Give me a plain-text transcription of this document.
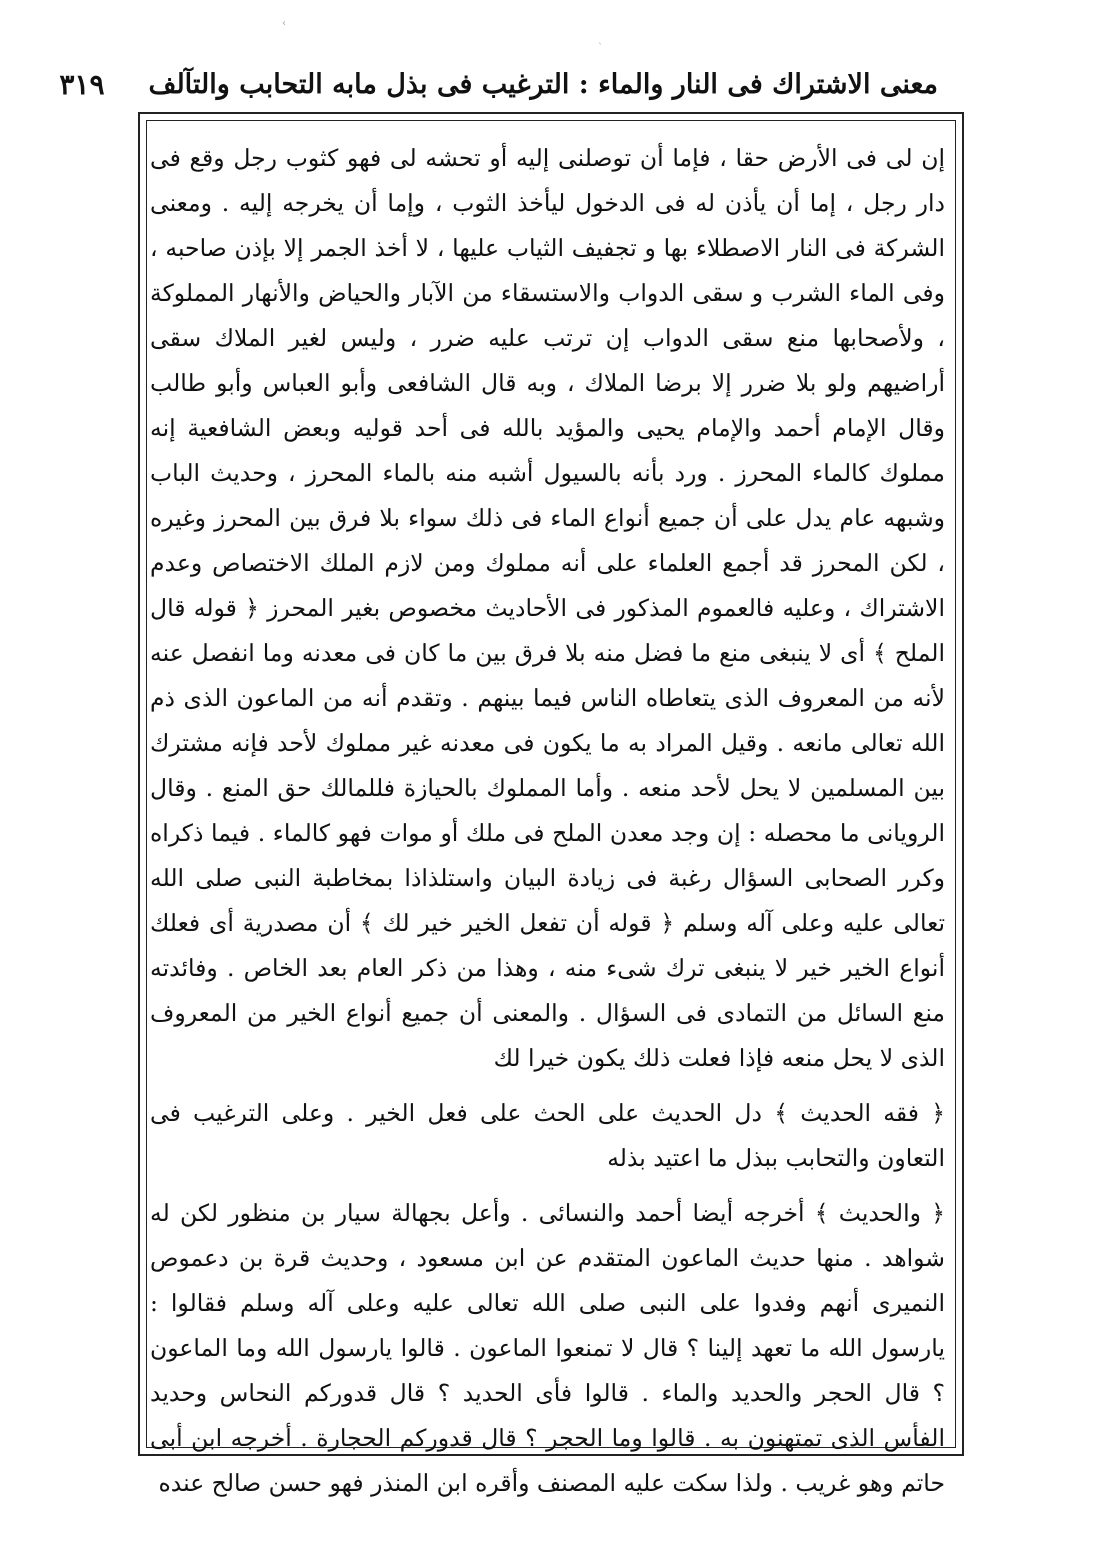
‹
ˎ
معنى الاشتراك فى النار والماء : الترغيب فى بذل مابه التحابب والتآلف
٣١٩

إن لى فى الأرض حقا ، فإما أن توصلنى إليه أو تحشه لى فهو كثوب رجل وقع فى دار رجل ، إما أن يأذن له فى الدخول ليأخذ الثوب ، وإما أن يخرجه إليه . ومعنى الشركة فى النار الاصطلاء بها و تجفيف الثياب عليها ، لا أخذ الجمر إلا بإذن صاحبه ، وفى الماء الشرب و سقى الدواب والاستسقاء من الآبار والحياض والأنهار المملوكة ، ولأصحابها منع سقى الدواب إن ترتب عليه ضرر ، وليس لغير الملاك سقى أراضيهم ولو بلا ضرر إلا برضا الملاك ، وبه قال الشافعى وأبو العباس وأبو طالب وقال الإمام أحمد والإمام يحيى والمؤيد بالله فى أحد قوليه وبعض الشافعية إنه مملوك كالماء المحرز . ورد بأنه بالسيول أشبه منه بالماء المحرز ، وحديث الباب وشبهه عام يدل على أن جميع أنواع الماء فى ذلك سواء بلا فرق بين المحرز وغيره ، لكن المحرز قد أجمع العلماء على أنه مملوك ومن لازم الملك الاختصاص وعدم الاشتراك ، وعليه فالعموم المذكور فى الأحاديث مخصوص بغير المحرز ﴿ قوله قال الملح ﴾ أى لا ينبغى منع ما فضل منه بلا فرق بين ما كان فى معدنه وما انفصل عنه لأنه من المعروف الذى يتعاطاه الناس فيما بينهم . وتقدم أنه من الماعون الذى ذم الله تعالى مانعه . وقيل المراد به ما يكون فى معدنه غير مملوك لأحد فإنه مشترك بين المسلمين لا يحل لأحد منعه . وأما المملوك بالحيازة فللمالك حق المنع . وقال الرويانى ما محصله : إن وجد معدن الملح فى ملك أو موات فهو كالماء . فيما ذكراه وكرر الصحابى السؤال رغبة فى زيادة البيان واستلذاذا بمخاطبة النبى صلى الله تعالى عليه وعلى آله وسلم ﴿ قوله أن تفعل الخير خير لك ﴾ أن مصدرية أى فعلك أنواع الخير خير لا ينبغى ترك شىء منه ، وهذا من ذكر العام بعد الخاص . وفائدته منع السائل من التمادى فى السؤال . والمعنى أن جميع أنواع الخير من المعروف الذى لا يحل منعه فإذا فعلت ذلك يكون خيرا لك

﴿ فقه الحديث ﴾ دل الحديث على الحث على فعل الخير . وعلى الترغيب فى التعاون والتحابب ببذل ما اعتيد بذله

﴿ والحديث ﴾ أخرجه أيضا أحمد والنسائى . وأعل بجهالة سيار بن منظور لكن له شواهد . منها حديث الماعون المتقدم عن ابن مسعود ، وحديث قرة بن دعموص النميرى أنهم وفدوا على النبى صلى الله تعالى عليه وعلى آله وسلم فقالوا : يارسول الله ما تعهد إلينا ؟ قال لا تمنعوا الماعون . قالوا يارسول الله وما الماعون ؟ قال الحجر والحديد والماء . قالوا فأى الحديد ؟ قال قدوركم النحاس وحديد الفأس الذى تمتهنون به . قالوا وما الحجر ؟ قال قدوركم الحجارة . أخرجه ابن أبى حاتم وهو غريب . ولذا سكت عليه المصنف وأقره ابن المنذر فهو حسن صالح عنده
